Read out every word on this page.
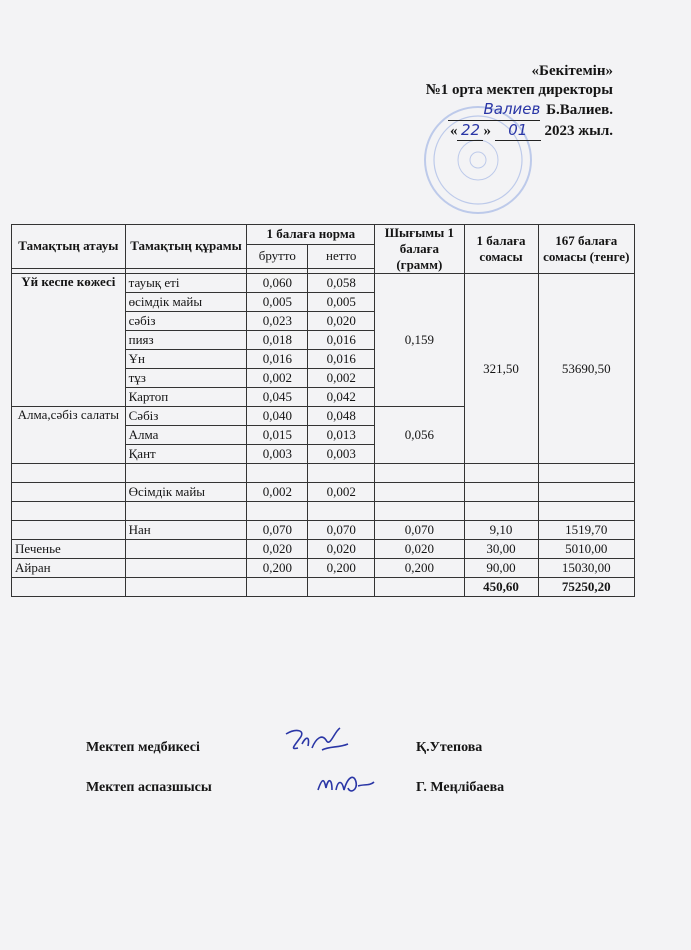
«Бекітемін»
№1 орта мектеп директоры
Валиев Б.Валиев.
« 22 » 01 2023 жыл.
Тамақтың атауы	Тамақтың құрамы	1 балаға норма		Шығымы 1 балаға (грамм)	1 балаға сомасы	167 балаға сомасы (тенге)
		брутто	нетто			

Үй кеспе көжесі	тауық еті	0,060	0,058	0,159	321,50	53690,50
	өсімдік майы	0,005	0,005			
	сәбіз	0,023	0,020			
	пияз	0,018	0,016			
	Ұн	0,016	0,016			
	тұз	0,002	0,002			
	Картоп	0,045	0,042			
Алма,сәбіз салаты	Сәбіз	0,040	0,048	0,056		
	Алма	0,015	0,013			
	Қант	0,003	0,003			

	Өсімдік майы	0,002	0,002			

	Нан	0,070	0,070	0,070	9,10	1519,70
Печенье		0,020	0,020	0,020	30,00	5010,00
Айран		0,200	0,200	0,200	90,00	15030,00
					450,60	75250,20
Мектеп медбикесі	Қ.Утепова
Мектеп аспазшысы	Г. Меңлібаева
